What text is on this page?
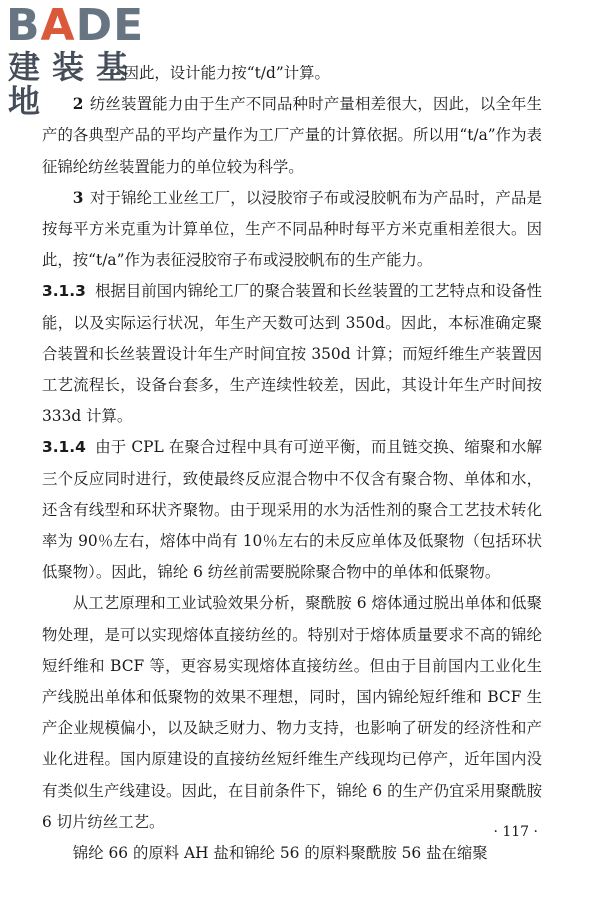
BADE
建装基地

因此，设计能力按“t/d”计算。

2 纺丝装置能力由于生产不同品种时产量相差很大，因此，以全年生产的各典型产品的平均产量作为工厂产量的计算依据。所以用“t/a”作为表征锦纶纺丝装置能力的单位较为科学。

3 对于锦纶工业丝工厂，以浸胶帘子布或浸胶帆布为产品时，产品是按每平方米克重为计算单位，生产不同品种时每平方米克重相差很大。因此，按“t/a”作为表征浸胶帘子布或浸胶帆布的生产能力。

3.1.3 根据目前国内锦纶工厂的聚合装置和长丝装置的工艺特点和设备性能，以及实际运行状况，年生产天数可达到 350d。因此，本标准确定聚合装置和长丝装置设计年生产时间宜按 350d 计算；而短纤维生产装置因工艺流程长，设备台套多，生产连续性较差，因此，其设计年生产时间按 333d 计算。

3.1.4 由于 CPL 在聚合过程中具有可逆平衡，而且链交换、缩聚和水解三个反应同时进行，致使最终反应混合物中不仅含有聚合物、单体和水，还含有线型和环状齐聚物。由于现采用的水为活性剂的聚合工艺技术转化率为 90％左右，熔体中尚有 10％左右的未反应单体及低聚物（包括环状低聚物）。因此，锦纶 6 纺丝前需要脱除聚合物中的单体和低聚物。

从工艺原理和工业试验效果分析，聚酰胺 6 熔体通过脱出单体和低聚物处理，是可以实现熔体直接纺丝的。特别对于熔体质量要求不高的锦纶短纤维和 BCF 等，更容易实现熔体直接纺丝。但由于目前国内工业化生产线脱出单体和低聚物的效果不理想，同时，国内锦纶短纤维和 BCF 生产企业规模偏小，以及缺乏财力、物力支持，也影响了研发的经济性和产业化进程。国内原建设的直接纺丝短纤维生产线现均已停产，近年国内没有类似生产线建设。因此，在目前条件下，锦纶 6 的生产仍宜采用聚酰胺 6 切片纺丝工艺。

锦纶 66 的原料 AH 盐和锦纶 56 的原料聚酰胺 56 盐在缩聚

· 117 ·
